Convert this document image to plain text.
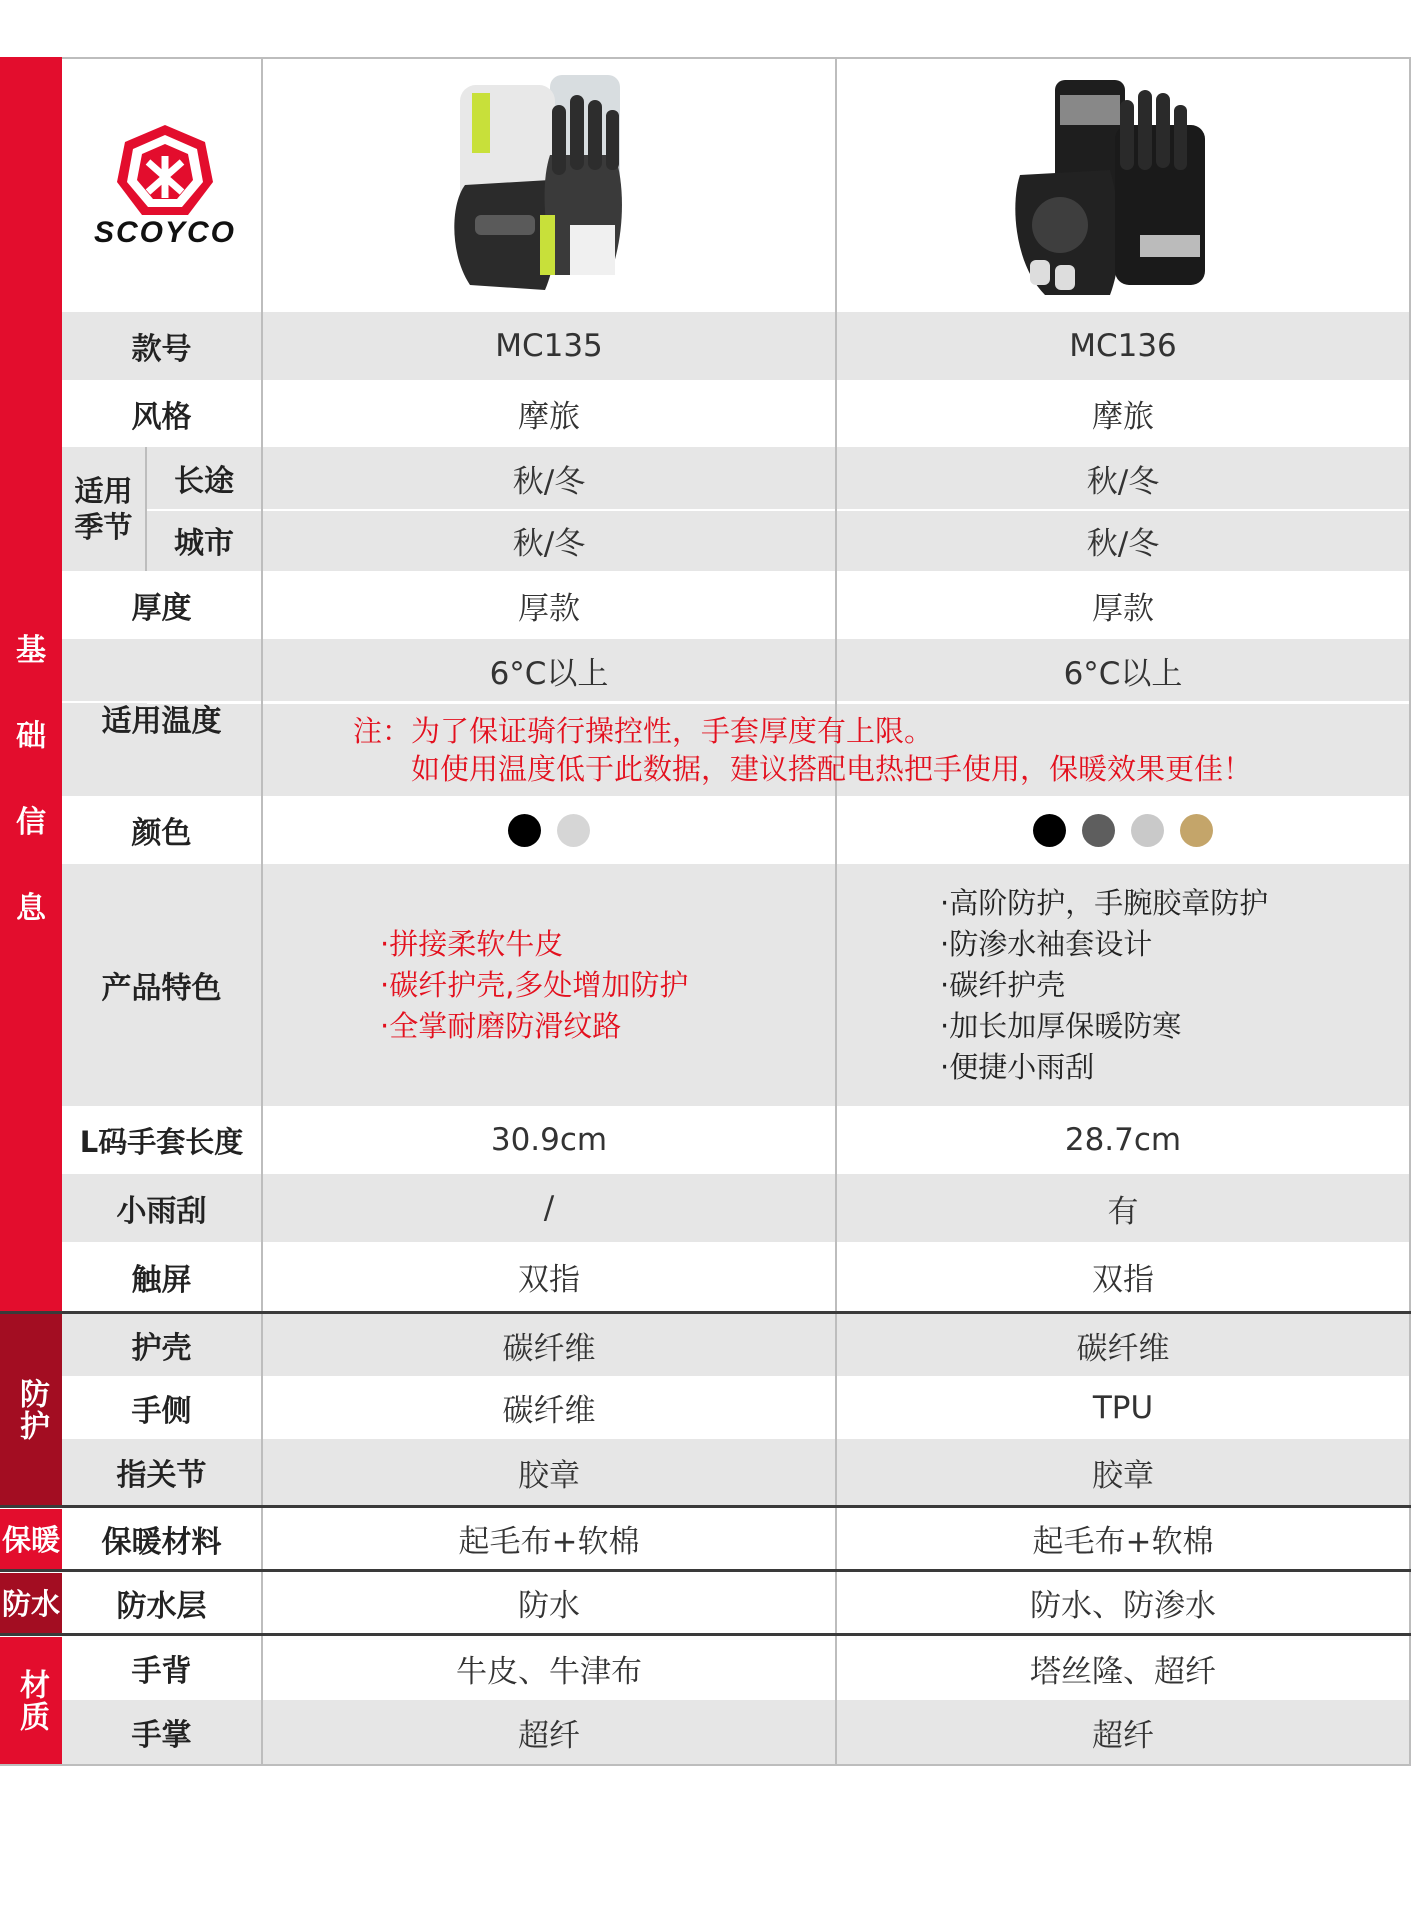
基
础
信
息
防护
保暖
防水
材质
SCOYCO
款号
风格
适用
季节
长途
城市
厚度
适用温度
颜色
产品特色
L码手套长度
小雨刮
触屏
护壳
手侧
指关节
保暖材料
防水层
手背
手掌
MC135
摩旅
秋/冬
秋/冬
厚款
6°C以上
·拼接柔软牛皮
·碳纤护壳,多处增加防护
·全掌耐磨防滑纹路
30.9cm
/
双指
碳纤维
碳纤维
胶章
起毛布+软棉
防水
牛皮、牛津布
超纤
MC136
摩旅
秋/冬
秋/冬
厚款
6°C以上
·高阶防护，手腕胶章防护
·防渗水袖套设计
·碳纤护壳
·加长加厚保暖防寒
·便捷小雨刮
28.7cm
有
双指
碳纤维
TPU
胶章
起毛布+软棉
防水、防渗水
塔丝隆、超纤
超纤
注：为了保证骑行操控性，手套厚度有上限。
如使用温度低于此数据，建议搭配电热把手使用，保暖效果更佳！
